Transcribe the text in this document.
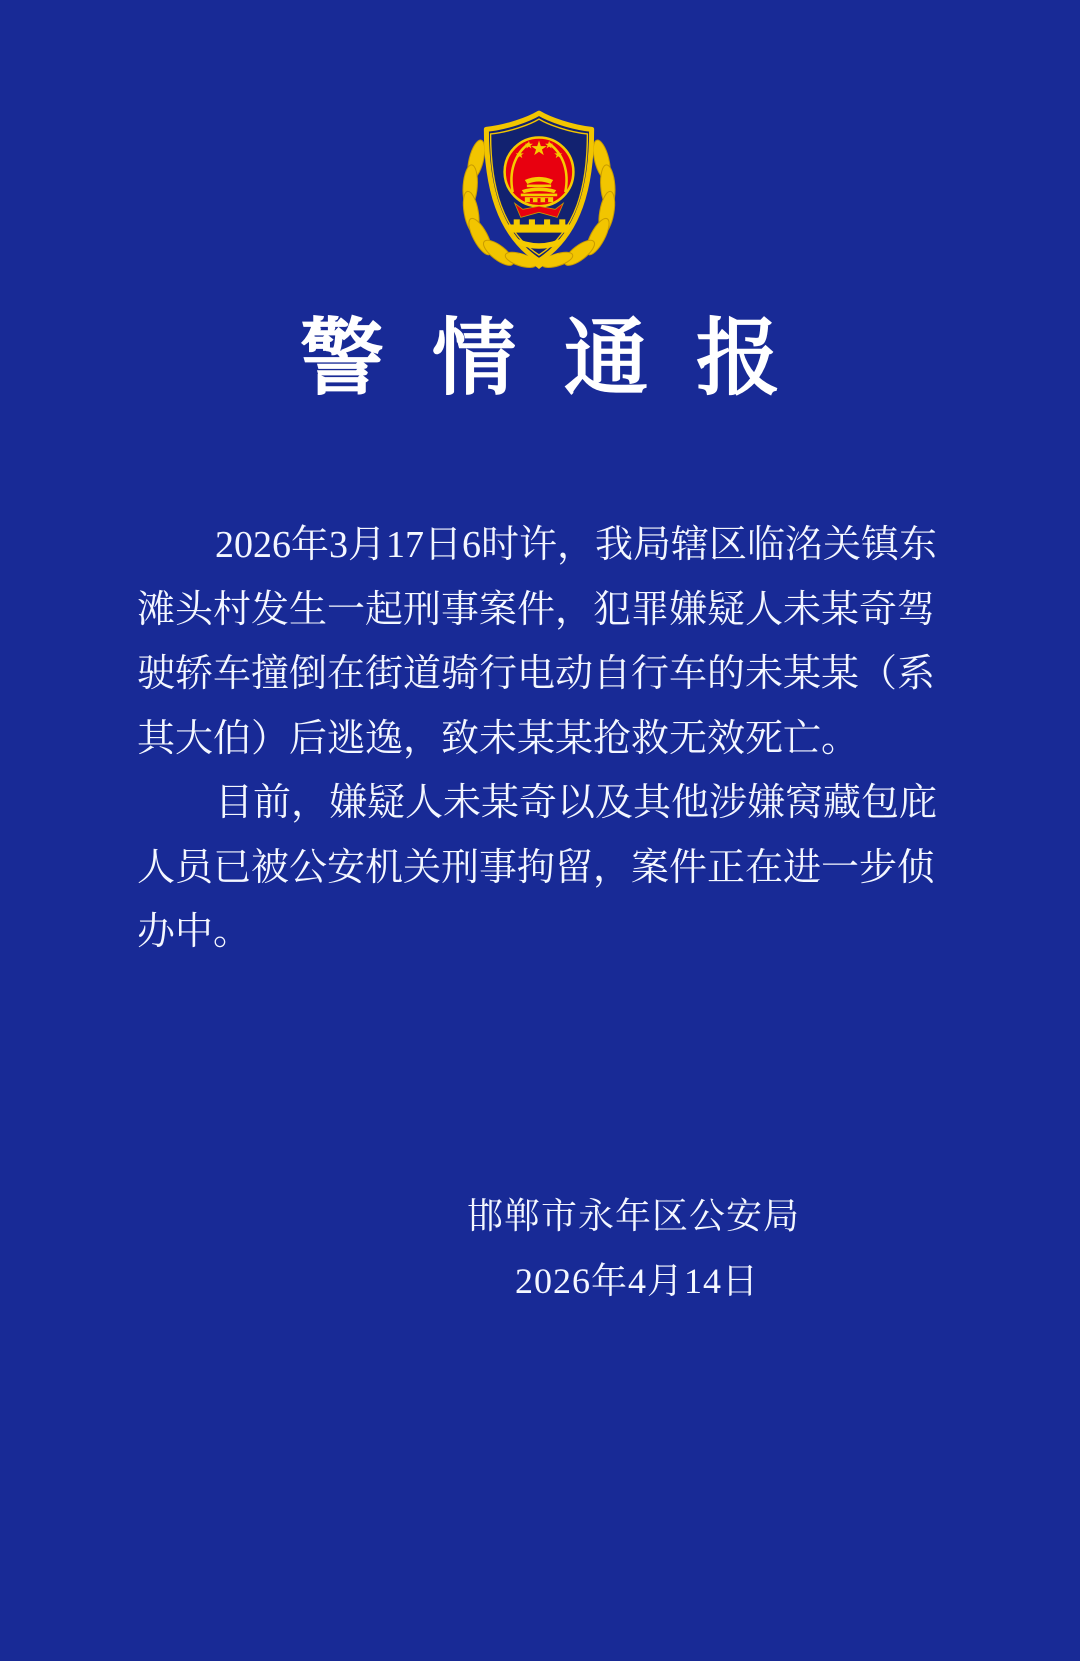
警情通报
2026年3月17日6时许，我局辖区临洺关镇东
滩头村发生一起刑事案件，犯罪嫌疑人未某奇驾
驶轿车撞倒在街道骑行电动自行车的未某某（系
其大伯）后逃逸，致未某某抢救无效死亡。
目前，嫌疑人未某奇以及其他涉嫌窝藏包庇
人员已被公安机关刑事拘留，案件正在进一步侦
办中。
邯郸市永年区公安局
2026年4月14日
